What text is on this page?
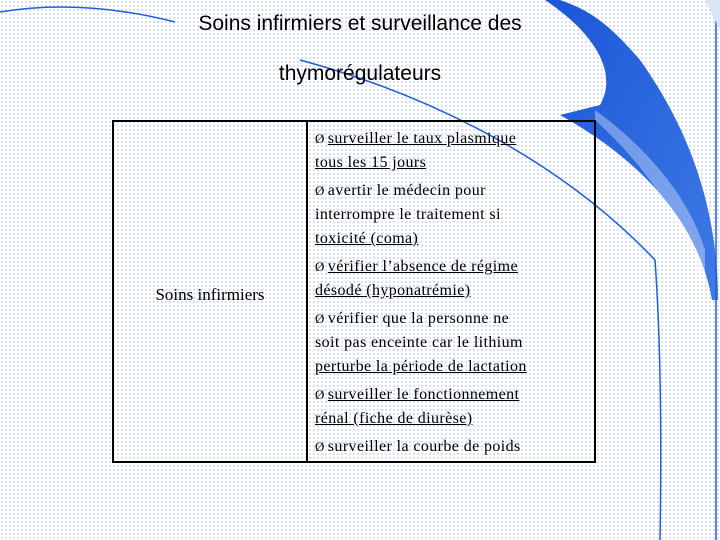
Soins infirmiers et surveillance des
thymorégulateurs
Soins infirmiers
Ø surveiller le taux plasmique
tous les 15 jours
Ø avertir le médecin pour
interrompre le traitement si
toxicité (coma)
Ø vérifier l’absence de régime
désodé (hyponatrémie)
Ø vérifier que la personne ne
soit pas enceinte car le lithium
perturbe la période de lactation
Ø surveiller le fonctionnement
rénal (fiche de diurèse)
Ø surveiller la courbe de poids
